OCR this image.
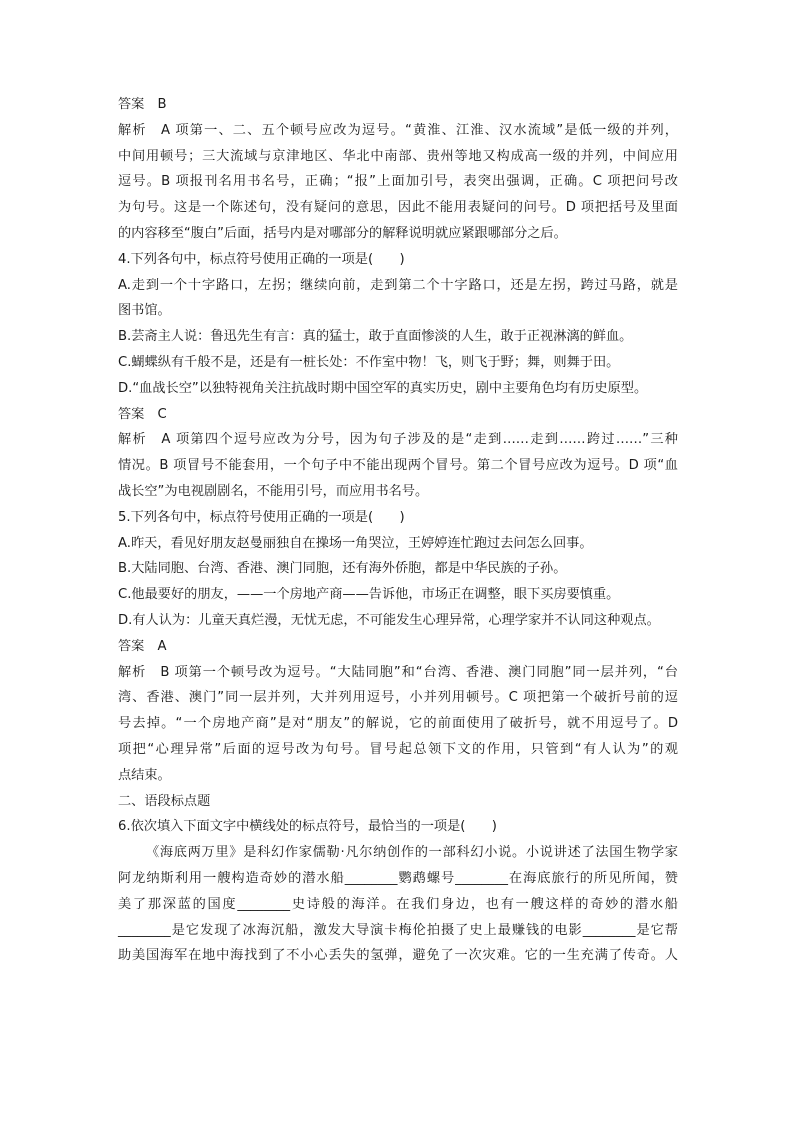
答案　B
解析　A 项第一、二、五个顿号应改为逗号。“黄淮、江淮、汉水流域”是低一级的并列，
中间用顿号；三大流域与京津地区、华北中南部、贵州等地又构成高一级的并列，中间应用
逗号。B 项报刊名用书名号，正确；“报”上面加引号，表突出强调，正确。C 项把问号改
为句号。这是一个陈述句，没有疑问的意思，因此不能用表疑问的问号。D 项把括号及里面
的内容移至“腹白”后面，括号内是对哪部分的解释说明就应紧跟哪部分之后。
4.下列各句中，标点符号使用正确的一项是(　　)
A.走到一个十字路口，左拐；继续向前，走到第二个十字路口，还是左拐，跨过马路，就是
图书馆。
B.芸斋主人说：鲁迅先生有言：真的猛士，敢于直面惨淡的人生，敢于正视淋漓的鲜血。
C.蝴蝶纵有千般不是，还是有一桩长处：不作室中物！飞，则飞于野；舞，则舞于田。
D.“血战长空”以独特视角关注抗战时期中国空军的真实历史，剧中主要角色均有历史原型。
答案　C
解析　A 项第四个逗号应改为分号，因为句子涉及的是“走到……走到……跨过……”三种
情况。B 项冒号不能套用，一个句子中不能出现两个冒号。第二个冒号应改为逗号。D 项“血
战长空”为电视剧剧名，不能用引号，而应用书名号。
5.下列各句中，标点符号使用正确的一项是(　　)
A.昨天，看见好朋友赵曼丽独自在操场一角哭泣，王婷婷连忙跑过去问怎么回事。
B.大陆同胞、台湾、香港、澳门同胞，还有海外侨胞，都是中华民族的子孙。
C.他最要好的朋友，——一个房地产商——告诉他，市场正在调整，眼下买房要慎重。
D.有人认为：儿童天真烂漫，无忧无虑，不可能发生心理异常，心理学家并不认同这种观点。
答案　A
解析　B 项第一个顿号改为逗号。“大陆同胞”和“台湾、香港、澳门同胞”同一层并列，“台
湾、香港、澳门”同一层并列，大并列用逗号，小并列用顿号。C 项把第一个破折号前的逗
号去掉。“一个房地产商”是对“朋友”的解说，它的前面使用了破折号，就不用逗号了。D
项把“心理异常”后面的逗号改为句号。冒号起总领下文的作用，只管到“有人认为”的观
点结束。
二、语段标点题
6.依次填入下面文字中横线处的标点符号，最恰当的一项是(　　)
《海底两万里》是科幻作家儒勒·凡尔纳创作的一部科幻小说。小说讲述了法国生物学家
阿龙纳斯利用一艘构造奇妙的潜水船________鹦鹉螺号________在海底旅行的所见所闻，赞
美了那深蓝的国度________史诗般的海洋。在我们身边，也有一艘这样的奇妙的潜水船
________是它发现了冰海沉船，激发大导演卡梅伦拍摄了史上最赚钱的电影________是它帮
助美国海军在地中海找到了不小心丢失的氢弹，避免了一次灾难。它的一生充满了传奇。人
